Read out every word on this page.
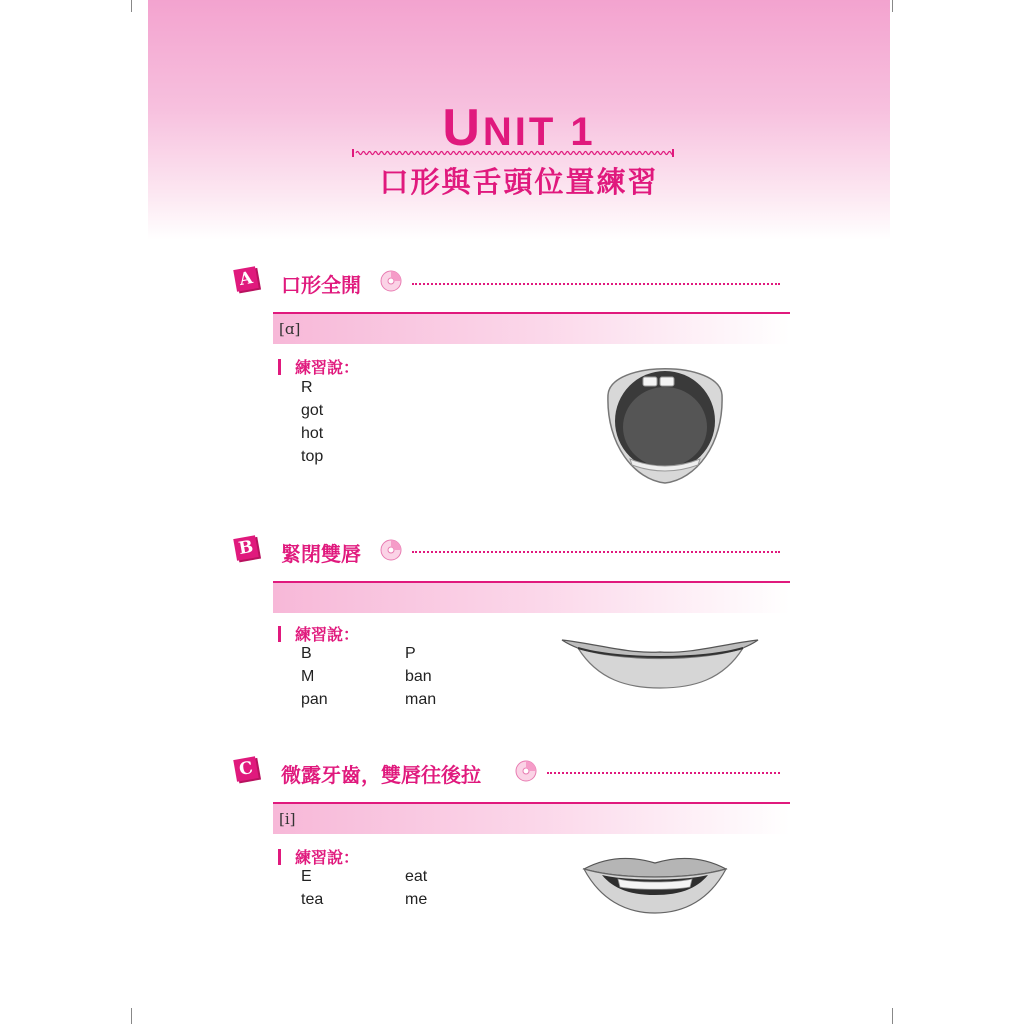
UNIT 1
口形與舌頭位置練習
A 口形全開
[ɑ]
練習說：
R
got
hot
top
B 緊閉雙唇
練習說：
B
M
pan
P
ban
man
C 微露牙齒，雙唇往後拉
[i]
練習說：
E
tea
eat
me
